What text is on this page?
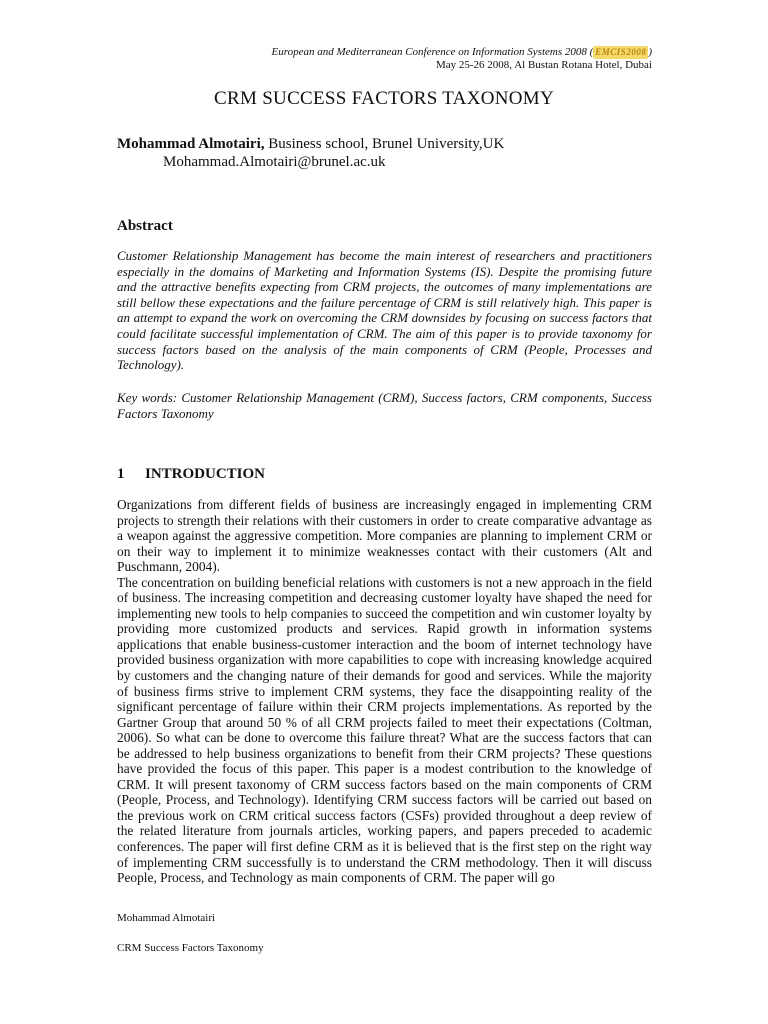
European and Mediterranean Conference on Information Systems 2008 ( EMCIS2008 )
May 25-26 2008, Al Bustan Rotana Hotel, Dubai
CRM SUCCESS FACTORS TAXONOMY
Mohammad Almotairi, Business school, Brunel University,UK
Mohammad.Almotairi@brunel.ac.uk
Abstract
Customer Relationship Management has become the main interest of researchers and practitioners especially in the domains of Marketing and Information Systems (IS). Despite the promising future and the attractive benefits expecting from CRM projects, the outcomes of many implementations are still bellow these expectations and the failure percentage of CRM is still relatively high. This paper is an attempt to expand the work on overcoming the CRM downsides by focusing on success factors that could facilitate successful implementation of CRM. The aim of this paper is to provide taxonomy for success factors based on the analysis of the main components of CRM (People, Processes and Technology).
Key words: Customer Relationship Management (CRM), Success factors, CRM components, Success Factors Taxonomy
1 INTRODUCTION

Organizations from different fields of business are increasingly engaged in implementing CRM projects to strength their relations with their customers in order to create comparative advantage as a weapon against the aggressive competition. More companies are planning to implement CRM or on their way to implement it to minimize weaknesses contact with their customers (Alt and Puschmann, 2004).

The concentration on building beneficial relations with customers is not a new approach in the field of business. The increasing competition and decreasing customer loyalty have shaped the need for implementing new tools to help companies to succeed the competition and win customer loyalty by providing more customized products and services. Rapid growth in information systems applications that enable business-customer interaction and the boom of internet technology have provided business organization with more capabilities to cope with increasing knowledge acquired by customers and the changing nature of their demands for good and services. While the majority of business firms strive to implement CRM systems, they face the disappointing reality of the significant percentage of failure within their CRM projects implementations. As reported by the Gartner Group that around 50 % of all CRM projects failed to meet their expectations (Coltman, 2006). So what can be done to overcome this failure threat? What are the success factors that can be addressed to help business organizations to benefit from their CRM projects? These questions have provided the focus of this paper. This paper is a modest contribution to the knowledge of CRM. It will present taxonomy of CRM success factors based on the main components of CRM (People, Process, and Technology). Identifying CRM success factors will be carried out based on the previous work on CRM critical success factors (CSFs) provided throughout a deep review of the related literature from journals articles, working papers, and papers preceded to academic conferences. The paper will first define CRM as it is believed that is the first step on the right way of implementing CRM successfully is to understand the CRM methodology. Then it will discuss People, Process, and Technology as main components of CRM. The paper will go

Mohammad Almotairi
CRM Success Factors Taxonomy
